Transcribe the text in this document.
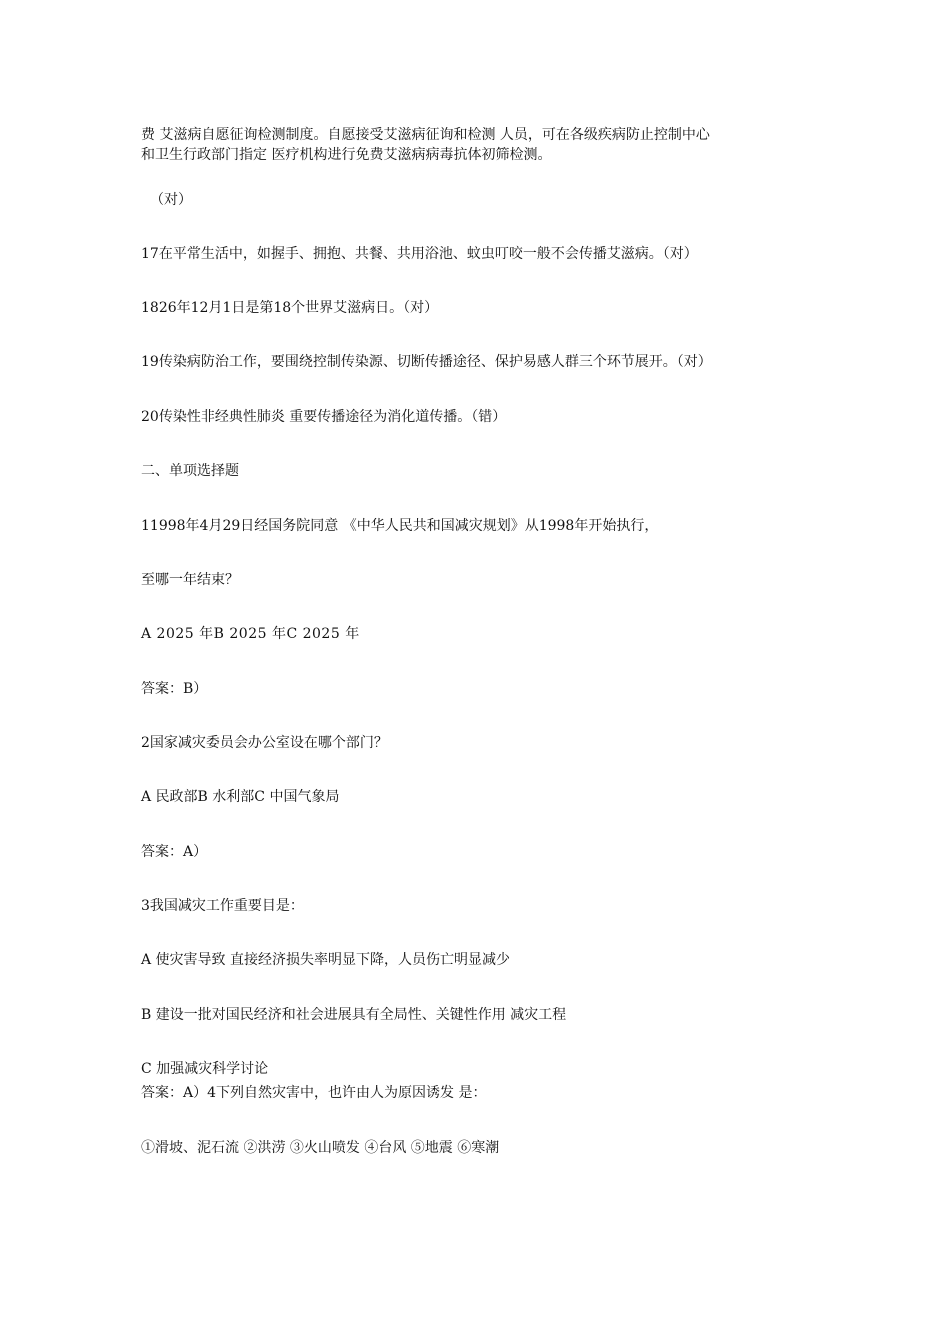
费 艾滋病自愿征询检测制度。自愿接受艾滋病征询和检测 人员，可在各级疾病防止控制中心

和卫生行政部门指定 医疗机构进行免费艾滋病病毒抗体初筛检测。

（对）

17在平常生活中，如握手、拥抱、共餐、共用浴池、蚊虫叮咬一般不会传播艾滋病。（对）

1826年12月1日是第18个世界艾滋病日。（对）

19传染病防治工作，要围绕控制传染源、切断传播途径、保护易感人群三个环节展开。（对）

20传染性非经典性肺炎 重要传播途径为消化道传播。（错）

二、单项选择题

11998年4月29日经国务院同意 《中华人民共和国减灾规划》从1998年开始执行，

至哪一年结束？

A 2025 年B 2025 年C 2025 年

答案：B）

2国家减灾委员会办公室设在哪个部门？

A 民政部B 水利部C 中国气象局

答案：A）

3我国减灾工作重要目是：

A 使灾害导致 直接经济损失率明显下降，人员伤亡明显减少

B 建设一批对国民经济和社会进展具有全局性、关键性作用 减灾工程

C 加强减灾科学讨论

答案：A）4下列自然灾害中，也许由人为原因诱发 是：

①滑坡、泥石流 ②洪涝 ③火山喷发 ④台风 ⑤地震 ⑥寒潮
